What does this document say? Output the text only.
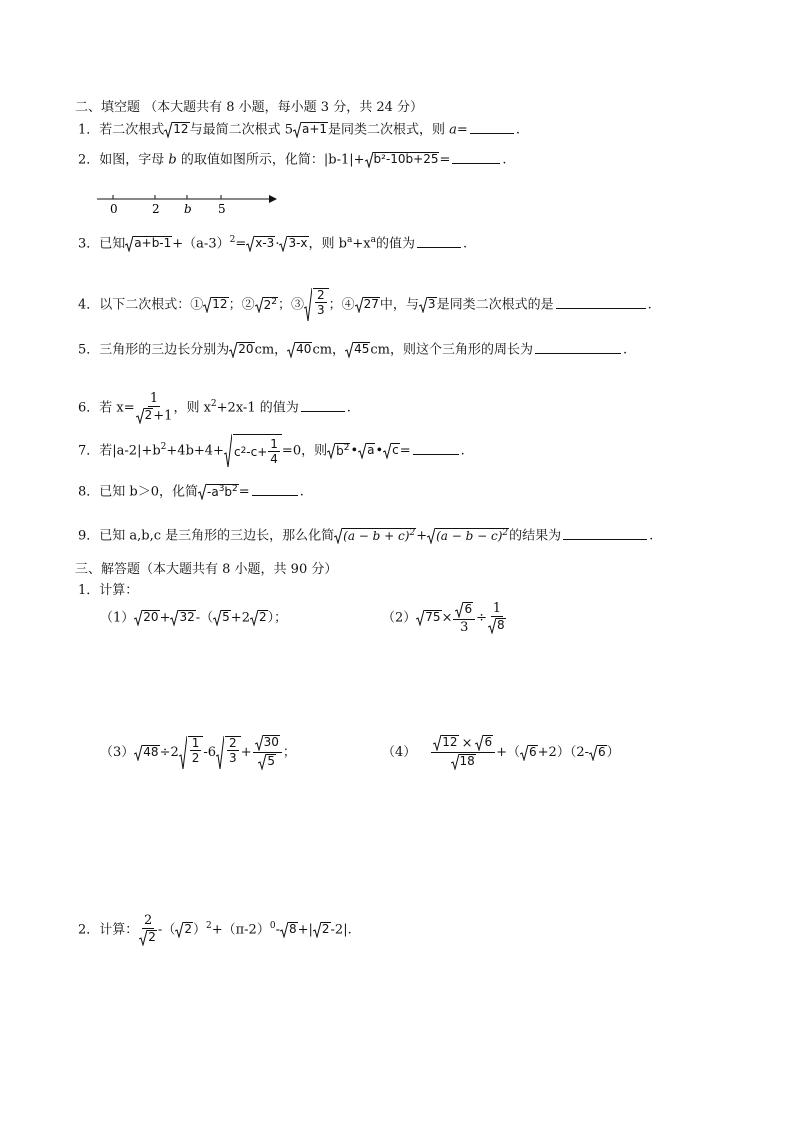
二、填空题 （本大题共有 8 小题，每小题 3 分，共 24 分）
1．若二次根式 12 与最简二次根式 5 a+1 是同类二次根式，则 a=	.
2．如图，字母 b 的取值如图所示，化简：|b-1|+ b²-10b+25 =	.
0	2 b 5
3．已知 $a+b-1 +(a-3)^2= x-3 \cdot 3-x$ ，则 $b^a+x^a$的值为	.
4．以下二次根式：① 12 ；② $2^2$ ；③ $\frac{2}{3}$ ；④ 27 中，与 3 是同类二次根式的是	.
5．三角形的三边长分别为 20 cm， 40 cm， 45 cm，则这个三角形的周长为	.
6．若 $x= \frac{1}{2 +1}$ ，则 $x^2+2x-1$ 的值为	.
7．若$|a-2|+b^2+4b+4+ c$ 2 $-c+ \frac{1}{4} =0$，则 $b^2$ • a • c =	.
8．已知 b＞0，化简 $-a^3b^2$ =	.
9．已知 a,b,c 是三角形的三边长，那么化简 $(a - b + c)^2 + (a - b - c)^2$ 的结果为	.
三、解答题（本大题共有 8 小题，共 90 分）
1．计算：
（1） 20 + 32 -（ 5 +2 2 ）；	（2） $75 \times \frac{6}{3} \div \frac{1}{8}$
（3） $48 \div 2 \frac{1}{2} -6 \frac{2}{3} + \frac{30}{5}$ ；	$(4) \frac{12 \times 6}{18}$ +（ 6 +2）（2- 6 ）
2．计算： $\frac{2}{2}$ -（ 2 ）$^2+(\pi-2)^0-$ 8 +| 2 -2|.
